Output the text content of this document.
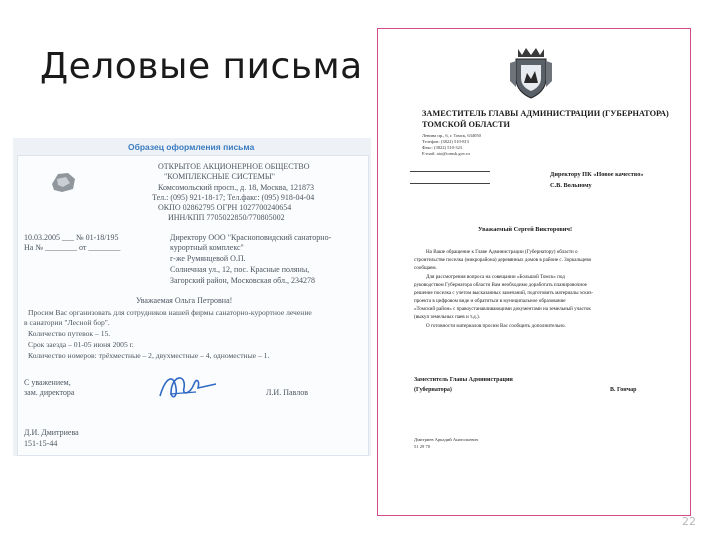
Деловые письма
Образец оформления письма
ОТКРЫТОЕ АКЦИОНЕРНОЕ ОБЩЕСТВО
"КОМПЛЕКСНЫЕ СИСТЕМЫ"
Комсомольский просп., д. 18, Москва, 121873
Тел.: (095) 921-18-17; Тел.факс: (095) 918-04-04
ОКПО 02862795 ОГРН 1027700240654
ИНН/КПП 7705022850/770805002
10.03.2005 ___ № 01-18/195
На № ________ от ________
Директору ООО "Красноповидский санаторно-
курортный комплекс"
г-же Румянцевой О.П.
Солнечная ул., 12, пос. Красные поляны,
Загорский район, Московская обл., 234278
Уважаемая Ольга Петровна!
Просим Вас организовать для сотрудников нашей фирмы санаторно-курортное лечение
в санатории "Лесной бор".
Количество путевок – 15.
Срок заезда – 01-05 июня 2005 г.
Количество номеров: трёхместные – 2, двухместные – 4, одноместные – 1.
С уважением,
зам. директора	Л.И. Павлов
Д.И. Дмитриева
151-15-44
ЗАМЕСТИТЕЛЬ ГЛАВЫ АДМИНИСТРАЦИИ (ГУБЕРНАТОРА)
ТОМСКОЙ ОБЛАСТИ
Ленина пр., 6, г. Томск, 634050
Телефон: (3822) 510-813
Факс: (3822) 510-323
E-mail: ato@tomsk.gov.ru
Директору ПК «Новое качество»
С.В. Вольному
Уважаемый Сергей Викторович!
На Ваше обращение к Главе Администрации (Губернатору) области о
строительстве поселка (микрорайона) деревянных домов в районе с. Зоркальцево
сообщаем.
Для рассмотрения вопроса на совещании «Большой Томск» под
руководством Губернатора области Вам необходимо доработать планировочное
решение поселка с учетом высказанных замечаний, подготовить материалы эскиз-
проекта в цифровом виде и обратиться в муниципальное образование
«Томский район» с правоустанавливающими документами на земельный участок
(выкуп земельных паев и т.д.).
О готовности материалов просим Вас сообщить дополнительно.
Заместитель Главы Администрации
(Губернатора)	В. Гончар
Дмитриев Аркадий Анатольевич
51 29 70
22
